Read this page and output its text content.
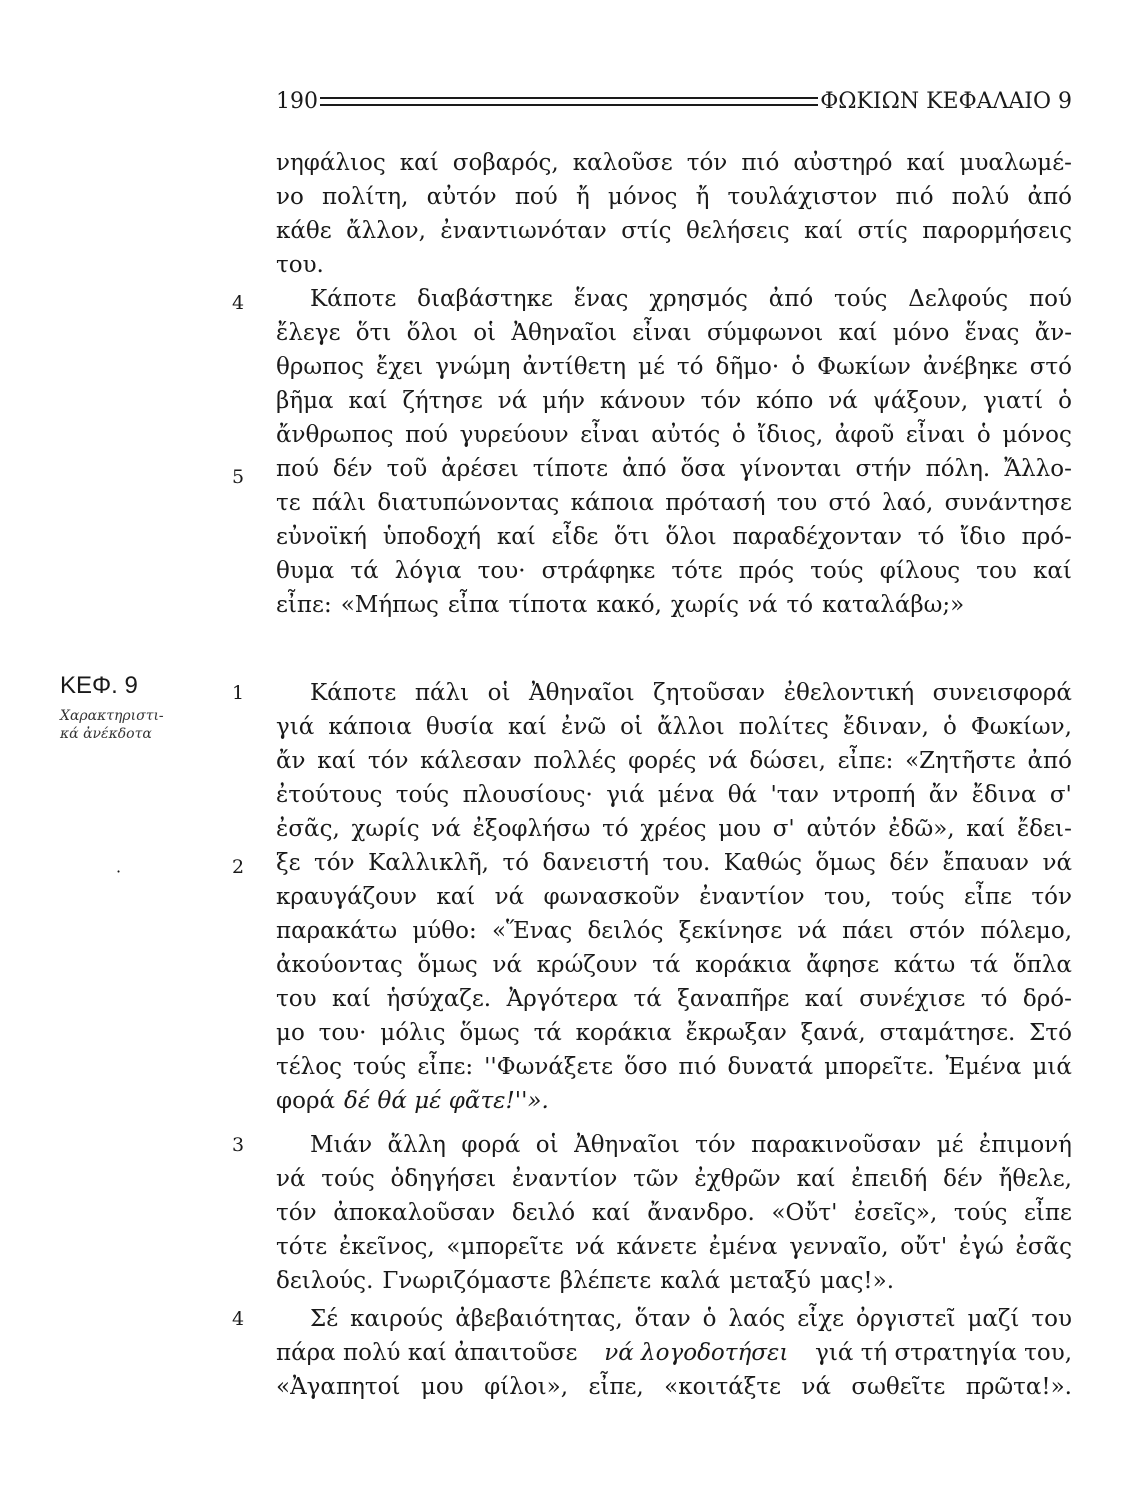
190	ΦΩΚΙΩΝ ΚΕΦΑΛΑΙΟ 9
ΚΕΦ. 9
Χαρακτηριστι-
κά ἀνέκδοτα
·
4
5
1
2
3
4
νηφάλιος καί σοβαρός, καλοῦσε τόν πιό αὐστηρό καί μυαλωμέ-
νο πολίτη, αὐτόν πού ἤ μόνος ἤ τουλάχιστον πιό πολύ ἀπό
κάθε ἄλλον, ἐναντιωνόταν στίς θελήσεις καί στίς παρορμήσεις
του.
Κάποτε διαβάστηκε ἕνας χρησμός ἀπό τούς Δελφούς πού
ἔλεγε ὅτι ὅλοι οἱ Ἀθηναῖοι εἶναι σύμφωνοι καί μόνο ἕνας ἄν-
θρωπος ἔχει γνώμη ἀντίθετη μέ τό δῆμο· ὁ Φωκίων ἀνέβηκε στό
βῆμα καί ζήτησε νά μήν κάνουν τόν κόπο νά ψάξουν, γιατί ὁ
ἄνθρωπος πού γυρεύουν εἶναι αὐτός ὁ ἴδιος, ἀφοῦ εἶναι ὁ μόνος
πού δέν τοῦ ἀρέσει τίποτε ἀπό ὅσα γίνονται στήν πόλη. Ἄλλο-
τε πάλι διατυπώνοντας κάποια πρότασή του στό λαό, συνάντησε
εὐνοϊκή ὑποδοχή καί εἶδε ὅτι ὅλοι παραδέχονταν τό ἴδιο πρό-
θυμα τά λόγια του· στράφηκε τότε πρός τούς φίλους του καί
εἶπε: «Μήπως εἶπα τίποτα κακό, χωρίς νά τό καταλάβω;»
Κάποτε πάλι οἱ Ἀθηναῖοι ζητοῦσαν ἐθελοντική συνεισφορά
γιά κάποια θυσία καί ἐνῶ οἱ ἄλλοι πολίτες ἔδιναν, ὁ Φωκίων,
ἄν καί τόν κάλεσαν πολλές φορές νά δώσει, εἶπε: «Ζητῆστε ἀπό
ἐτούτους τούς πλουσίους· γιά μένα θά 'ταν ντροπή ἄν ἔδινα σ'
ἐσᾶς, χωρίς νά ἐξοφλήσω τό χρέος μου σ' αὐτόν ἐδῶ», καί ἔδει-
ξε τόν Καλλικλῆ, τό δανειστή του. Καθώς ὅμως δέν ἔπαυαν νά
κραυγάζουν καί νά φωνασκοῦν ἐναντίον του, τούς εἶπε τόν
παρακάτω μύθο: «Ἕνας δειλός ξεκίνησε νά πάει στόν πόλεμο,
ἀκούοντας ὅμως νά κρώζουν τά κοράκια ἄφησε κάτω τά ὅπλα
του καί ἡσύχαζε. Ἀργότερα τά ξαναπῆρε καί συνέχισε τό δρό-
μο του· μόλις ὅμως τά κοράκια ἔκρωξαν ξανά, σταμάτησε. Στό
τέλος τούς εἶπε: ''Φωνάξετε ὅσο πιό δυνατά μπορεῖτε. Ἐμένα μιά
φορά δέ θά μέ φᾶτε!''».
Μιάν ἄλλη φορά οἱ Ἀθηναῖοι τόν παρακινοῦσαν μέ ἐπιμονή
νά τούς ὁδηγήσει ἐναντίον τῶν ἐχθρῶν καί ἐπειδή δέν ἤθελε,
τόν ἀποκαλοῦσαν δειλό καί ἄνανδρο. «Οὔτ' ἐσεῖς», τούς εἶπε
τότε ἐκεῖνος, «μπορεῖτε νά κάνετε ἐμένα γενναῖο, οὔτ' ἐγώ ἐσᾶς
δειλούς. Γνωριζόμαστε βλέπετε καλά μεταξύ μας!».
Σέ καιρούς ἀβεβαιότητας, ὅταν ὁ λαός εἶχε ὀργιστεῖ μαζί του
πάρα πολύ καί ἀπαιτοῦσε νά λογοδοτήσει γιά τή στρατηγία του,
«Ἀγαπητοί μου φίλοι», εἶπε, «κοιτάξτε νά σωθεῖτε πρῶτα!».
